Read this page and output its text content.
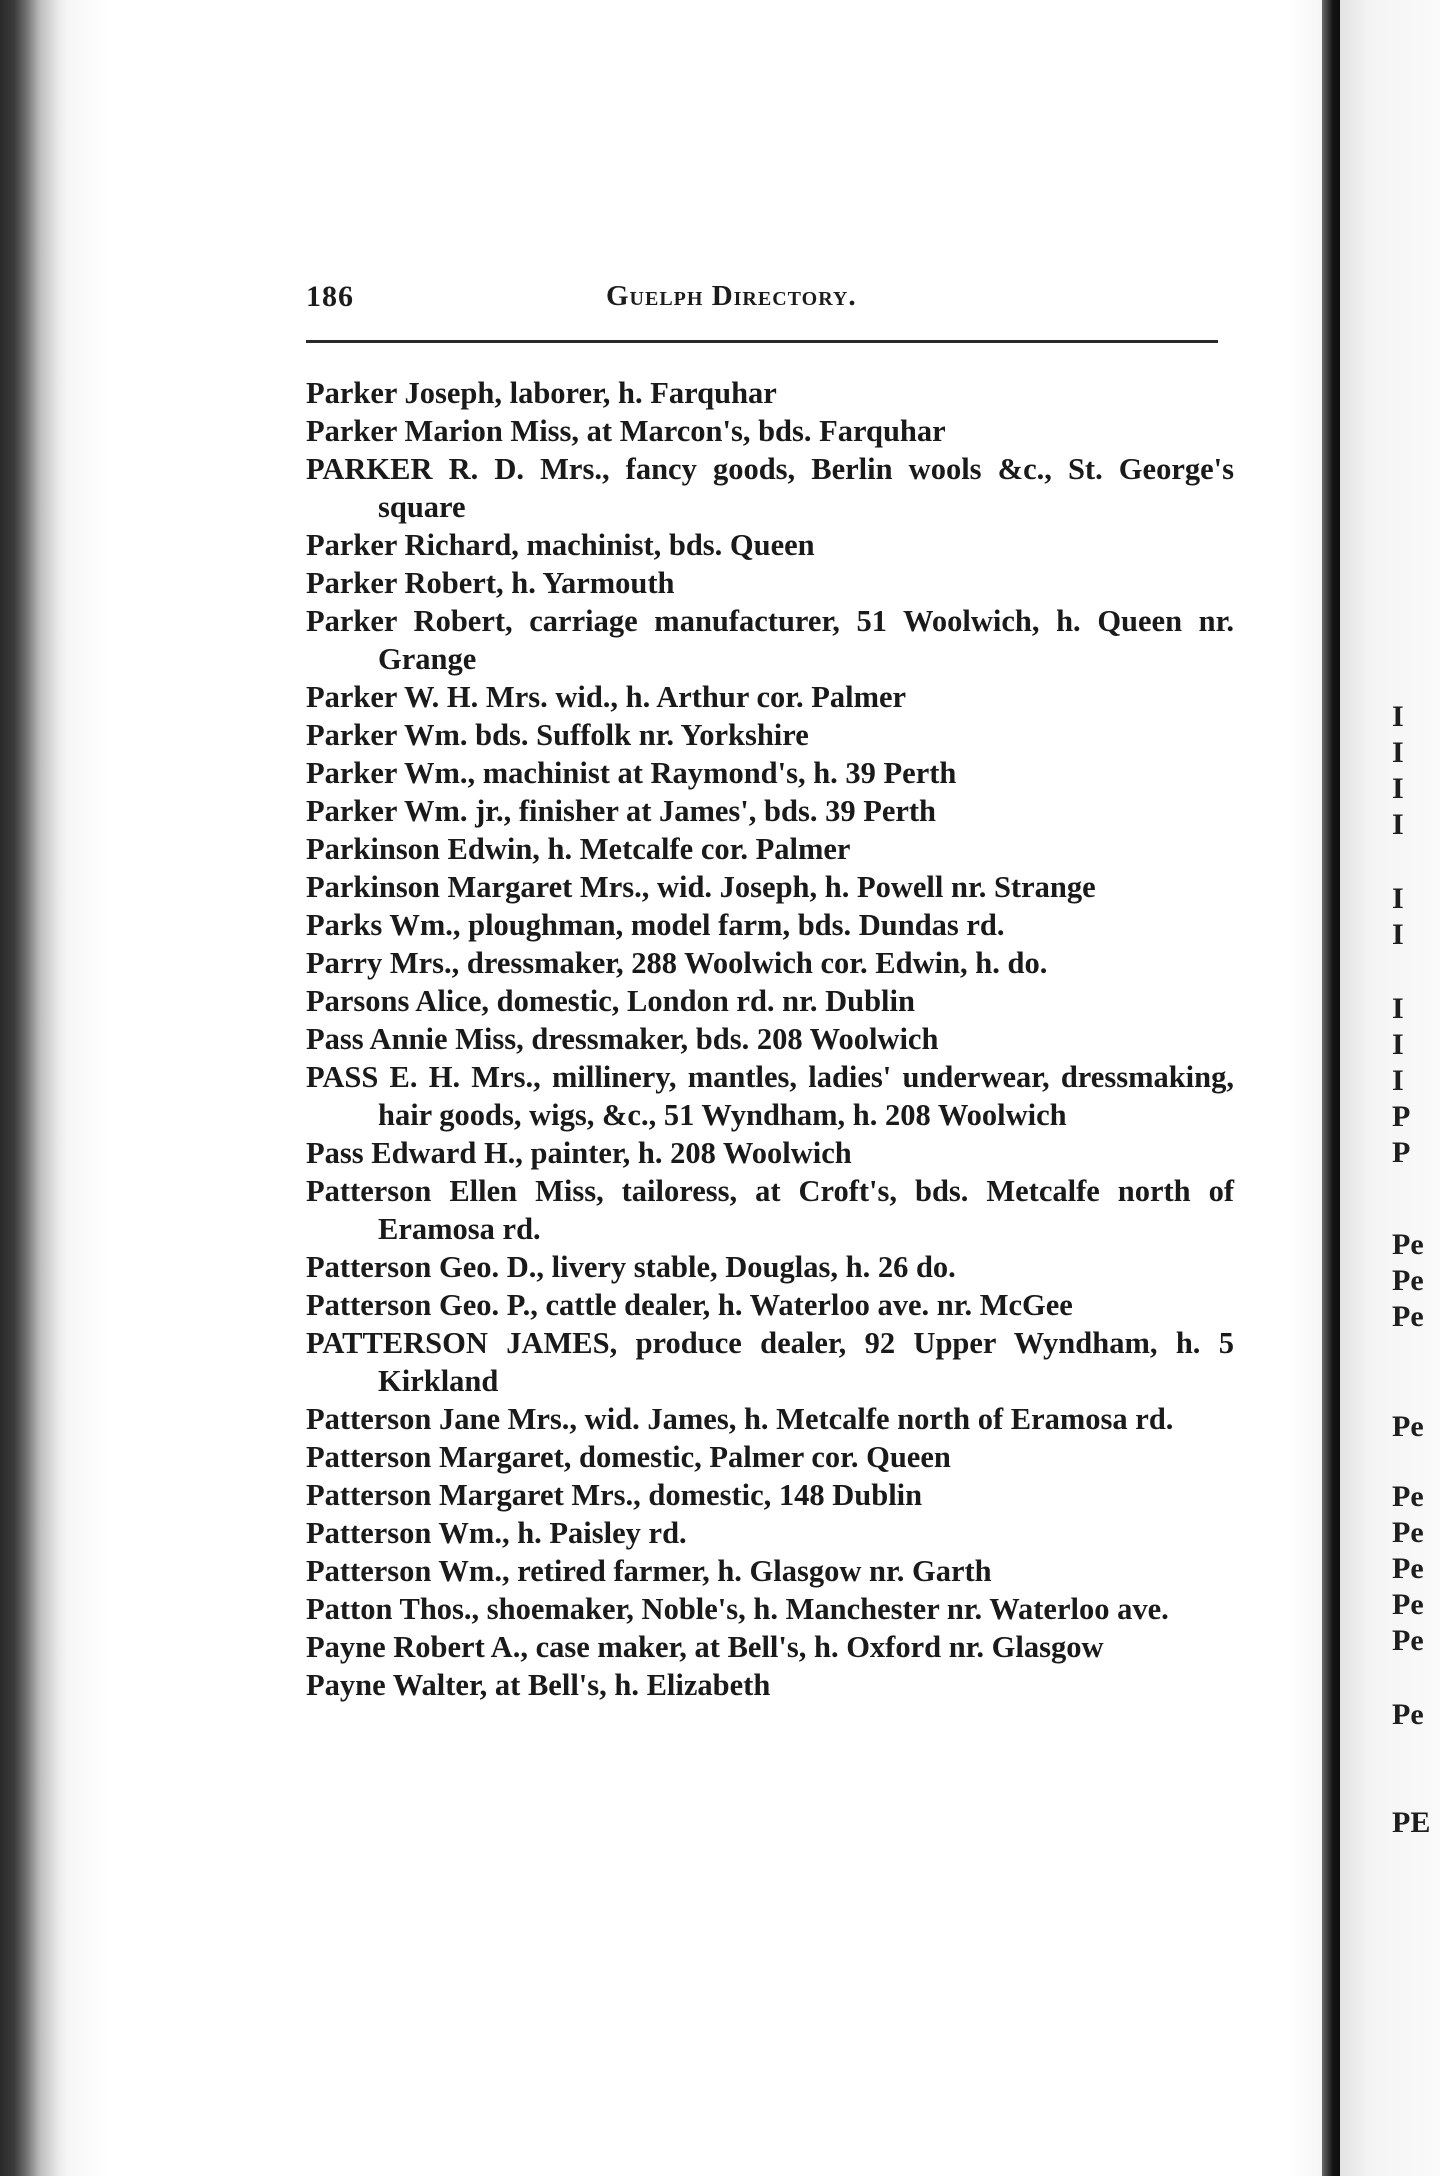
186	Guelph Directory.
Parker Joseph, laborer, h. Farquhar
Parker Marion Miss, at Marcon's, bds. Farquhar
PARKER R. D. Mrs., fancy goods, Berlin wools &c., St. George's square
Parker Richard, machinist, bds. Queen
Parker Robert, h. Yarmouth
Parker Robert, carriage manufacturer, 51 Woolwich, h. Queen nr. Grange
Parker W. H. Mrs. wid., h. Arthur cor. Palmer
Parker Wm. bds. Suffolk nr. Yorkshire
Parker Wm., machinist at Raymond's, h. 39 Perth
Parker Wm. jr., finisher at James', bds. 39 Perth
Parkinson Edwin, h. Metcalfe cor. Palmer
Parkinson Margaret Mrs., wid. Joseph, h. Powell nr. Strange
Parks Wm., ploughman, model farm, bds. Dundas rd.
Parry Mrs., dressmaker, 288 Woolwich cor. Edwin, h. do.
Parsons Alice, domestic, London rd. nr. Dublin
Pass Annie Miss, dressmaker, bds. 208 Woolwich
PASS E. H. Mrs., millinery, mantles, ladies' underwear, dressmaking, hair goods, wigs, &c., 51 Wyndham, h. 208 Woolwich
Pass Edward H., painter, h. 208 Woolwich
Patterson Ellen Miss, tailoress, at Croft's, bds. Metcalfe north of Eramosa rd.
Patterson Geo. D., livery stable, Douglas, h. 26 do.
Patterson Geo. P., cattle dealer, h. Waterloo ave. nr. McGee
PATTERSON JAMES, produce dealer, 92 Upper Wyndham, h. 5 Kirkland
Patterson Jane Mrs., wid. James, h. Metcalfe north of Eramosa rd.
Patterson Margaret, domestic, Palmer cor. Queen
Patterson Margaret Mrs., domestic, 148 Dublin
Patterson Wm., h. Paisley rd.
Patterson Wm., retired farmer, h. Glasgow nr. Garth
Patton Thos., shoemaker, Noble's, h. Manchester nr. Waterloo ave.
Payne Robert A., case maker, at Bell's, h. Oxford nr. Glasgow
Payne Walter, at Bell's, h. Elizabeth
I
I
I
I
I
I
I
I
I
P
P
Pe
Pe
Pe
Pe
Pe
Pe
Pe
Pe
Pe
Pe
PE
